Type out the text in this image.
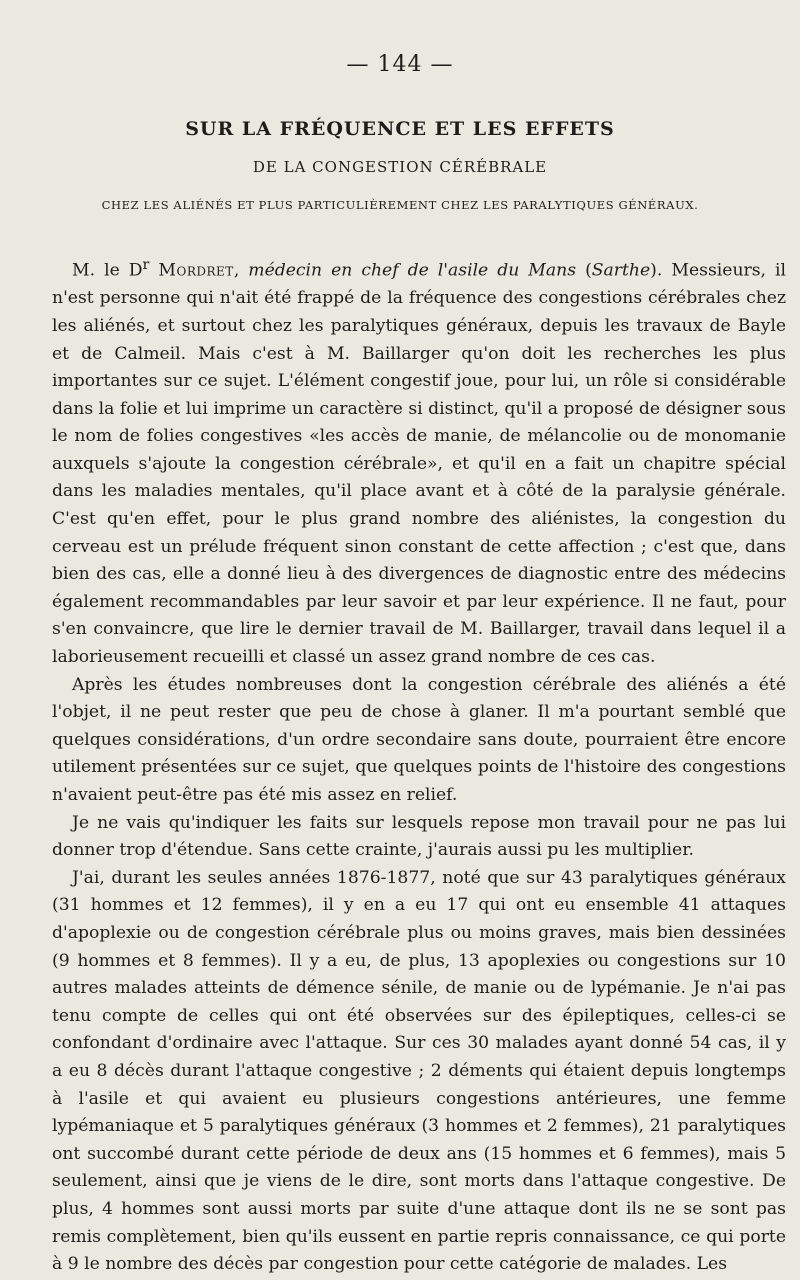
— 144 —
SUR LA FRÉQUENCE ET LES EFFETS
DE LA CONGESTION CÉRÉBRALE
CHEZ LES ALIÉNÉS ET PLUS PARTICULIÈREMENT CHEZ LES PARALYTIQUES GÉNÉRAUX.

M. le $D^r$ Mordret, médecin en chef de l'asile du Mans (Sarthe). Messieurs, il n'est personne qui n'ait été frappé de la fréquence des congestions cérébrales chez les aliénés, et surtout chez les paralytiques généraux, depuis les travaux de Bayle et de Calmeil. Mais c'est à M. Baillarger qu'on doit les recherches les plus importantes sur ce sujet. L'élément congestif joue, pour lui, un rôle si considérable dans la folie et lui imprime un caractère si distinct, qu'il a proposé de désigner sous le nom de folies congestives «les accès de manie, de mélancolie ou de monomanie auxquels s'ajoute la congestion cérébrale», et qu'il en a fait un chapitre spécial dans les maladies mentales, qu'il place avant et à côté de la paralysie générale. C'est qu'en effet, pour le plus grand nombre des aliénistes, la congestion du cerveau est un prélude fréquent sinon constant de cette affection ; c'est que, dans bien des cas, elle a donné lieu à des divergences de diagnostic entre des médecins également recommandables par leur savoir et par leur expérience. Il ne faut, pour s'en convaincre, que lire le dernier travail de M. Baillarger, travail dans lequel il a laborieusement recueilli et classé un assez grand nombre de ces cas.

Après les études nombreuses dont la congestion cérébrale des aliénés a été l'objet, il ne peut rester que peu de chose à glaner. Il m'a pourtant semblé que quelques considérations, d'un ordre secondaire sans doute, pourraient être encore utilement présentées sur ce sujet, que quelques points de l'histoire des congestions n'avaient peut-être pas été mis assez en relief.

Je ne vais qu'indiquer les faits sur lesquels repose mon travail pour ne pas lui donner trop d'étendue. Sans cette crainte, j'aurais aussi pu les multiplier.

J'ai, durant les seules années 1876-1877, noté que sur 43 paralytiques généraux (31 hommes et 12 femmes), il y en a eu 17 qui ont eu ensemble 41 attaques d'apoplexie ou de congestion cérébrale plus ou moins graves, mais bien dessinées (9 hommes et 8 femmes). Il y a eu, de plus, 13 apoplexies ou congestions sur 10 autres malades atteints de démence sénile, de manie ou de lypémanie. Je n'ai pas tenu compte de celles qui ont été observées sur des épileptiques, celles-ci se confondant d'ordinaire avec l'attaque. Sur ces 30 malades ayant donné 54 cas, il y a eu 8 décès durant l'attaque congestive ; 2 déments qui étaient depuis longtemps à l'asile et qui avaient eu plusieurs congestions antérieures, une femme lypémaniaque et 5 paralytiques généraux (3 hommes et 2 femmes), 21 paralytiques ont succombé durant cette période de deux ans (15 hommes et 6 femmes), mais 5 seulement, ainsi que je viens de le dire, sont morts dans l'attaque congestive. De plus, 4 hommes sont aussi morts par suite d'une attaque dont ils ne se sont pas remis complètement, bien qu'ils eussent en partie repris connaissance, ce qui porte à 9 le nombre des décès par congestion pour cette catégorie de malades. Les
